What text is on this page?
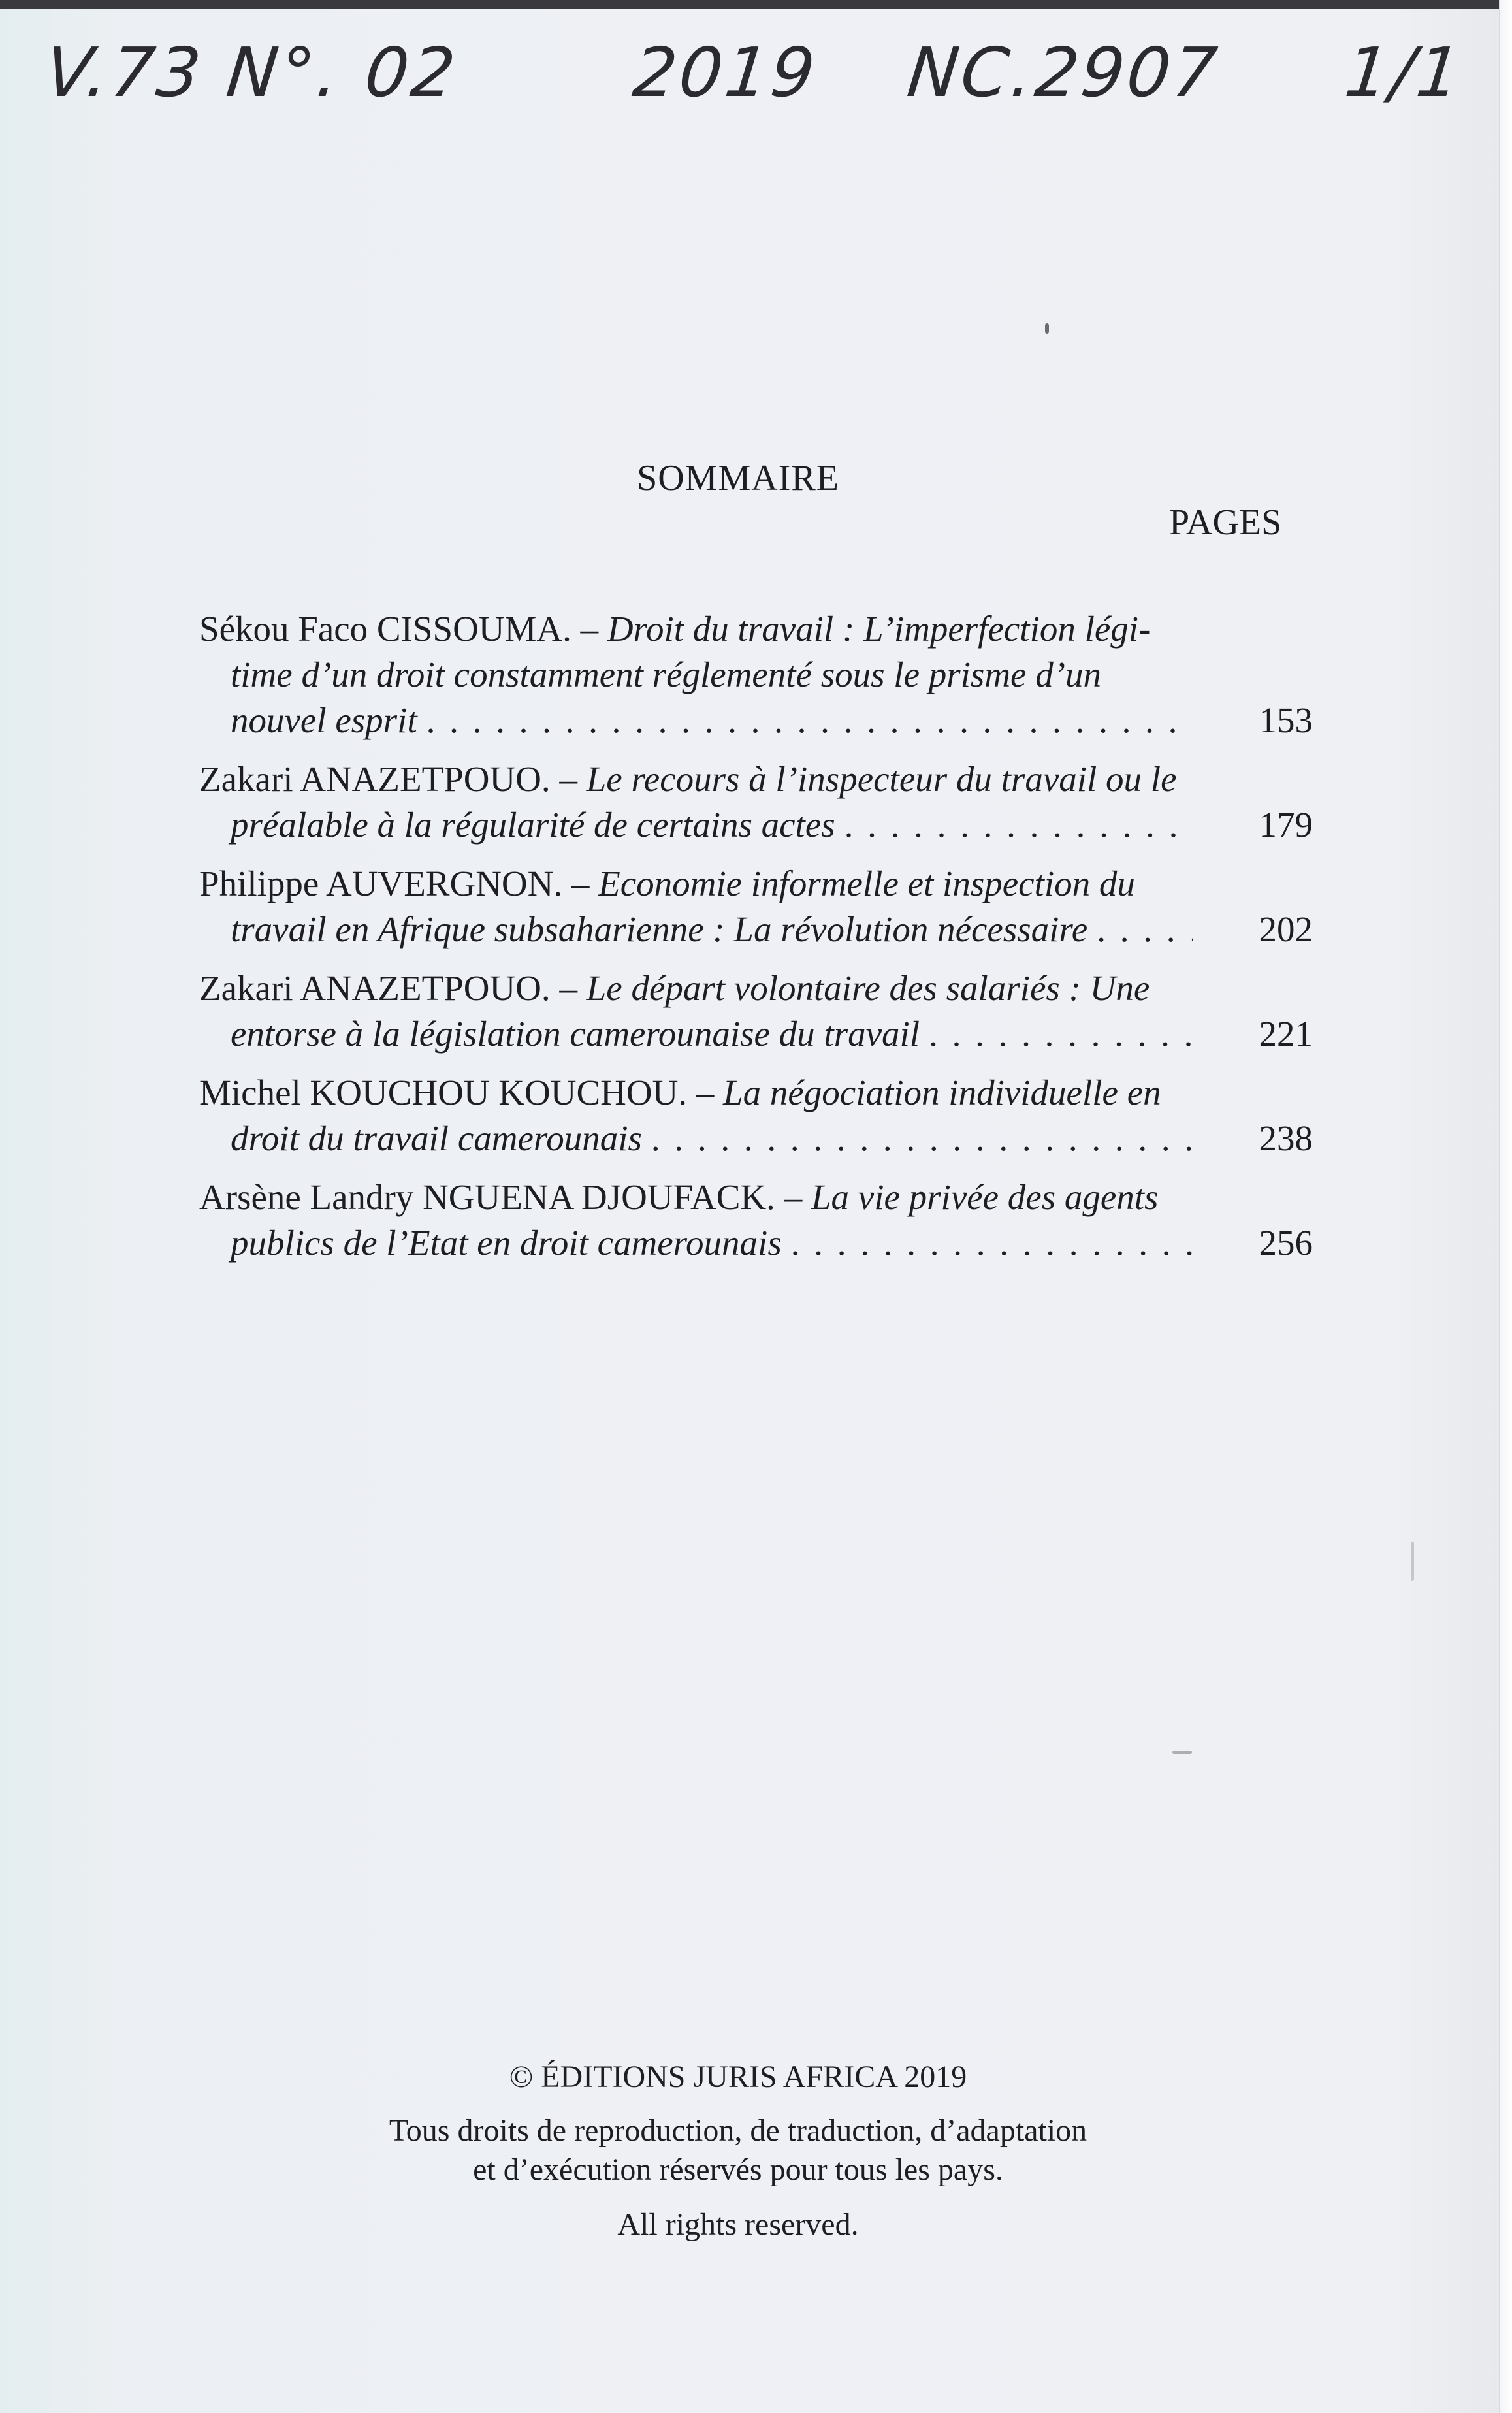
V.73 N°. 02 2019 NC.2907 1/1
SOMMAIRE
PAGES
Sékou Faco CISSOUMA. – Droit du travail : L’imperfection légi-
time d’un droit constamment réglementé sous le prisme d’un
nouvel esprit . . .	153
Zakari ANAZETPOUO. – Le recours à l’inspecteur du travail ou le
préalable à la régularité de certains actes . . .	179
Philippe AUVERGNON. – Economie informelle et inspection du
travail en Afrique subsaharienne : La révolution nécessaire . . .	202
Zakari ANAZETPOUO. – Le départ volontaire des salariés : Une
entorse à la législation camerounaise du travail . . .	221
Michel KOUCHOU KOUCHOU. – La négociation individuelle en
droit du travail camerounais . . .	238
Arsène Landry NGUENA DJOUFACK. – La vie privée des agents
publics de l’Etat en droit camerounais . . .	256
© ÉDITIONS JURIS AFRICA 2019
Tous droits de reproduction, de traduction, d’adaptation
et d’exécution réservés pour tous les pays.
All rights reserved.
